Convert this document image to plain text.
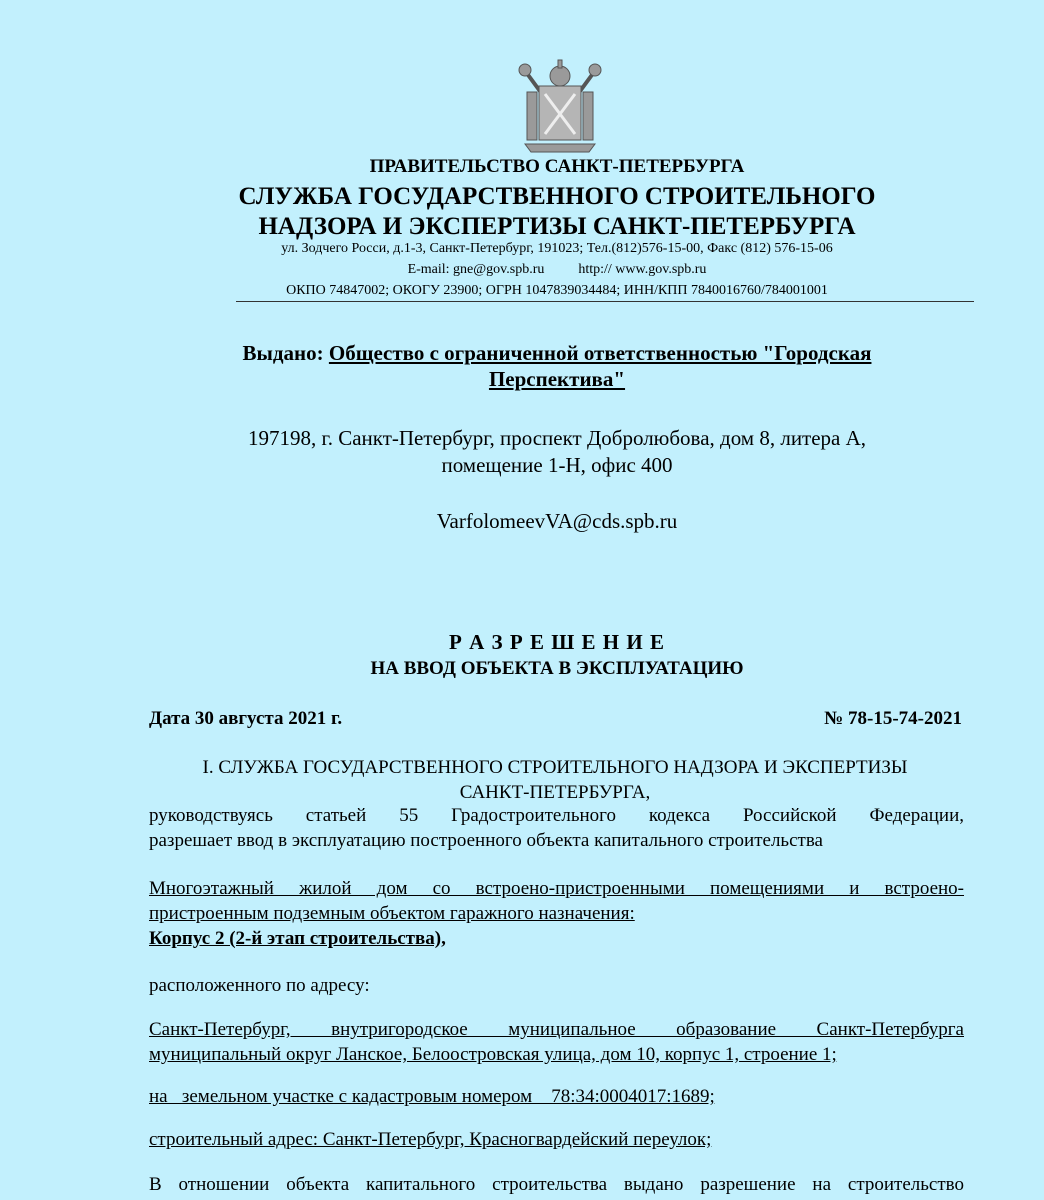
ПРАВИТЕЛЬСТВО САНКТ-ПЕТЕРБУРГА
СЛУЖБА ГОСУДАРСТВЕННОГО СТРОИТЕЛЬНОГО
НАДЗОРА И ЭКСПЕРТИЗЫ САНКТ-ПЕТЕРБУРГА
ул. Зодчего Росси, д.1-3, Санкт-Петербург, 191023; Тел.(812)576-15-00, Факс (812) 576-15-06
E-mail: gne@gov.spb.ru http:// www.gov.spb.ru
ОКПО 74847002; ОКОГУ 23900; ОГРН 1047839034484; ИНН/КПП 7840016760/784001001
Выдано: Общество с ограниченной ответственностью "Городская
Перспектива"
197198, г. Санкт-Петербург, проспект Добролюбова, дом 8, литера А,
помещение 1-Н, офис 400
VarfolomeevVA@cds.spb.ru
Р А З Р Е Ш Е Н И Е
НА ВВОД ОБЪЕКТА В ЭКСПЛУАТАЦИЮ
Дата 30 августа 2021 г.	№ 78-15-74-2021
I. СЛУЖБА ГОСУДАРСТВЕННОГО СТРОИТЕЛЬНОГО НАДЗОРА И ЭКСПЕРТИЗЫ
САНКТ-ПЕТЕРБУРГА,
руководствуясь статьей 55 Градостроительного кодекса Российской Федерации,
разрешает ввод в эксплуатацию построенного объекта капитального строительства
Многоэтажный жилой дом со встроено-пристроенными помещениями и встроено-
пристроенным подземным объектом гаражного назначения:
Корпус 2 (2-й этап строительства),
расположенного по адресу:
Санкт-Петербург, внутригородское муниципальное образование Санкт-Петербурга
муниципальный округ Ланское, Белоостровская улица, дом 10, корпус 1, строение 1;
на   земельном участке с кадастровым номером    78:34:0004017:1689;
строительный адрес: Санкт-Петербург, Красногвардейский переулок;
В отношении объекта капитального строительства выдано разрешение на строительство
